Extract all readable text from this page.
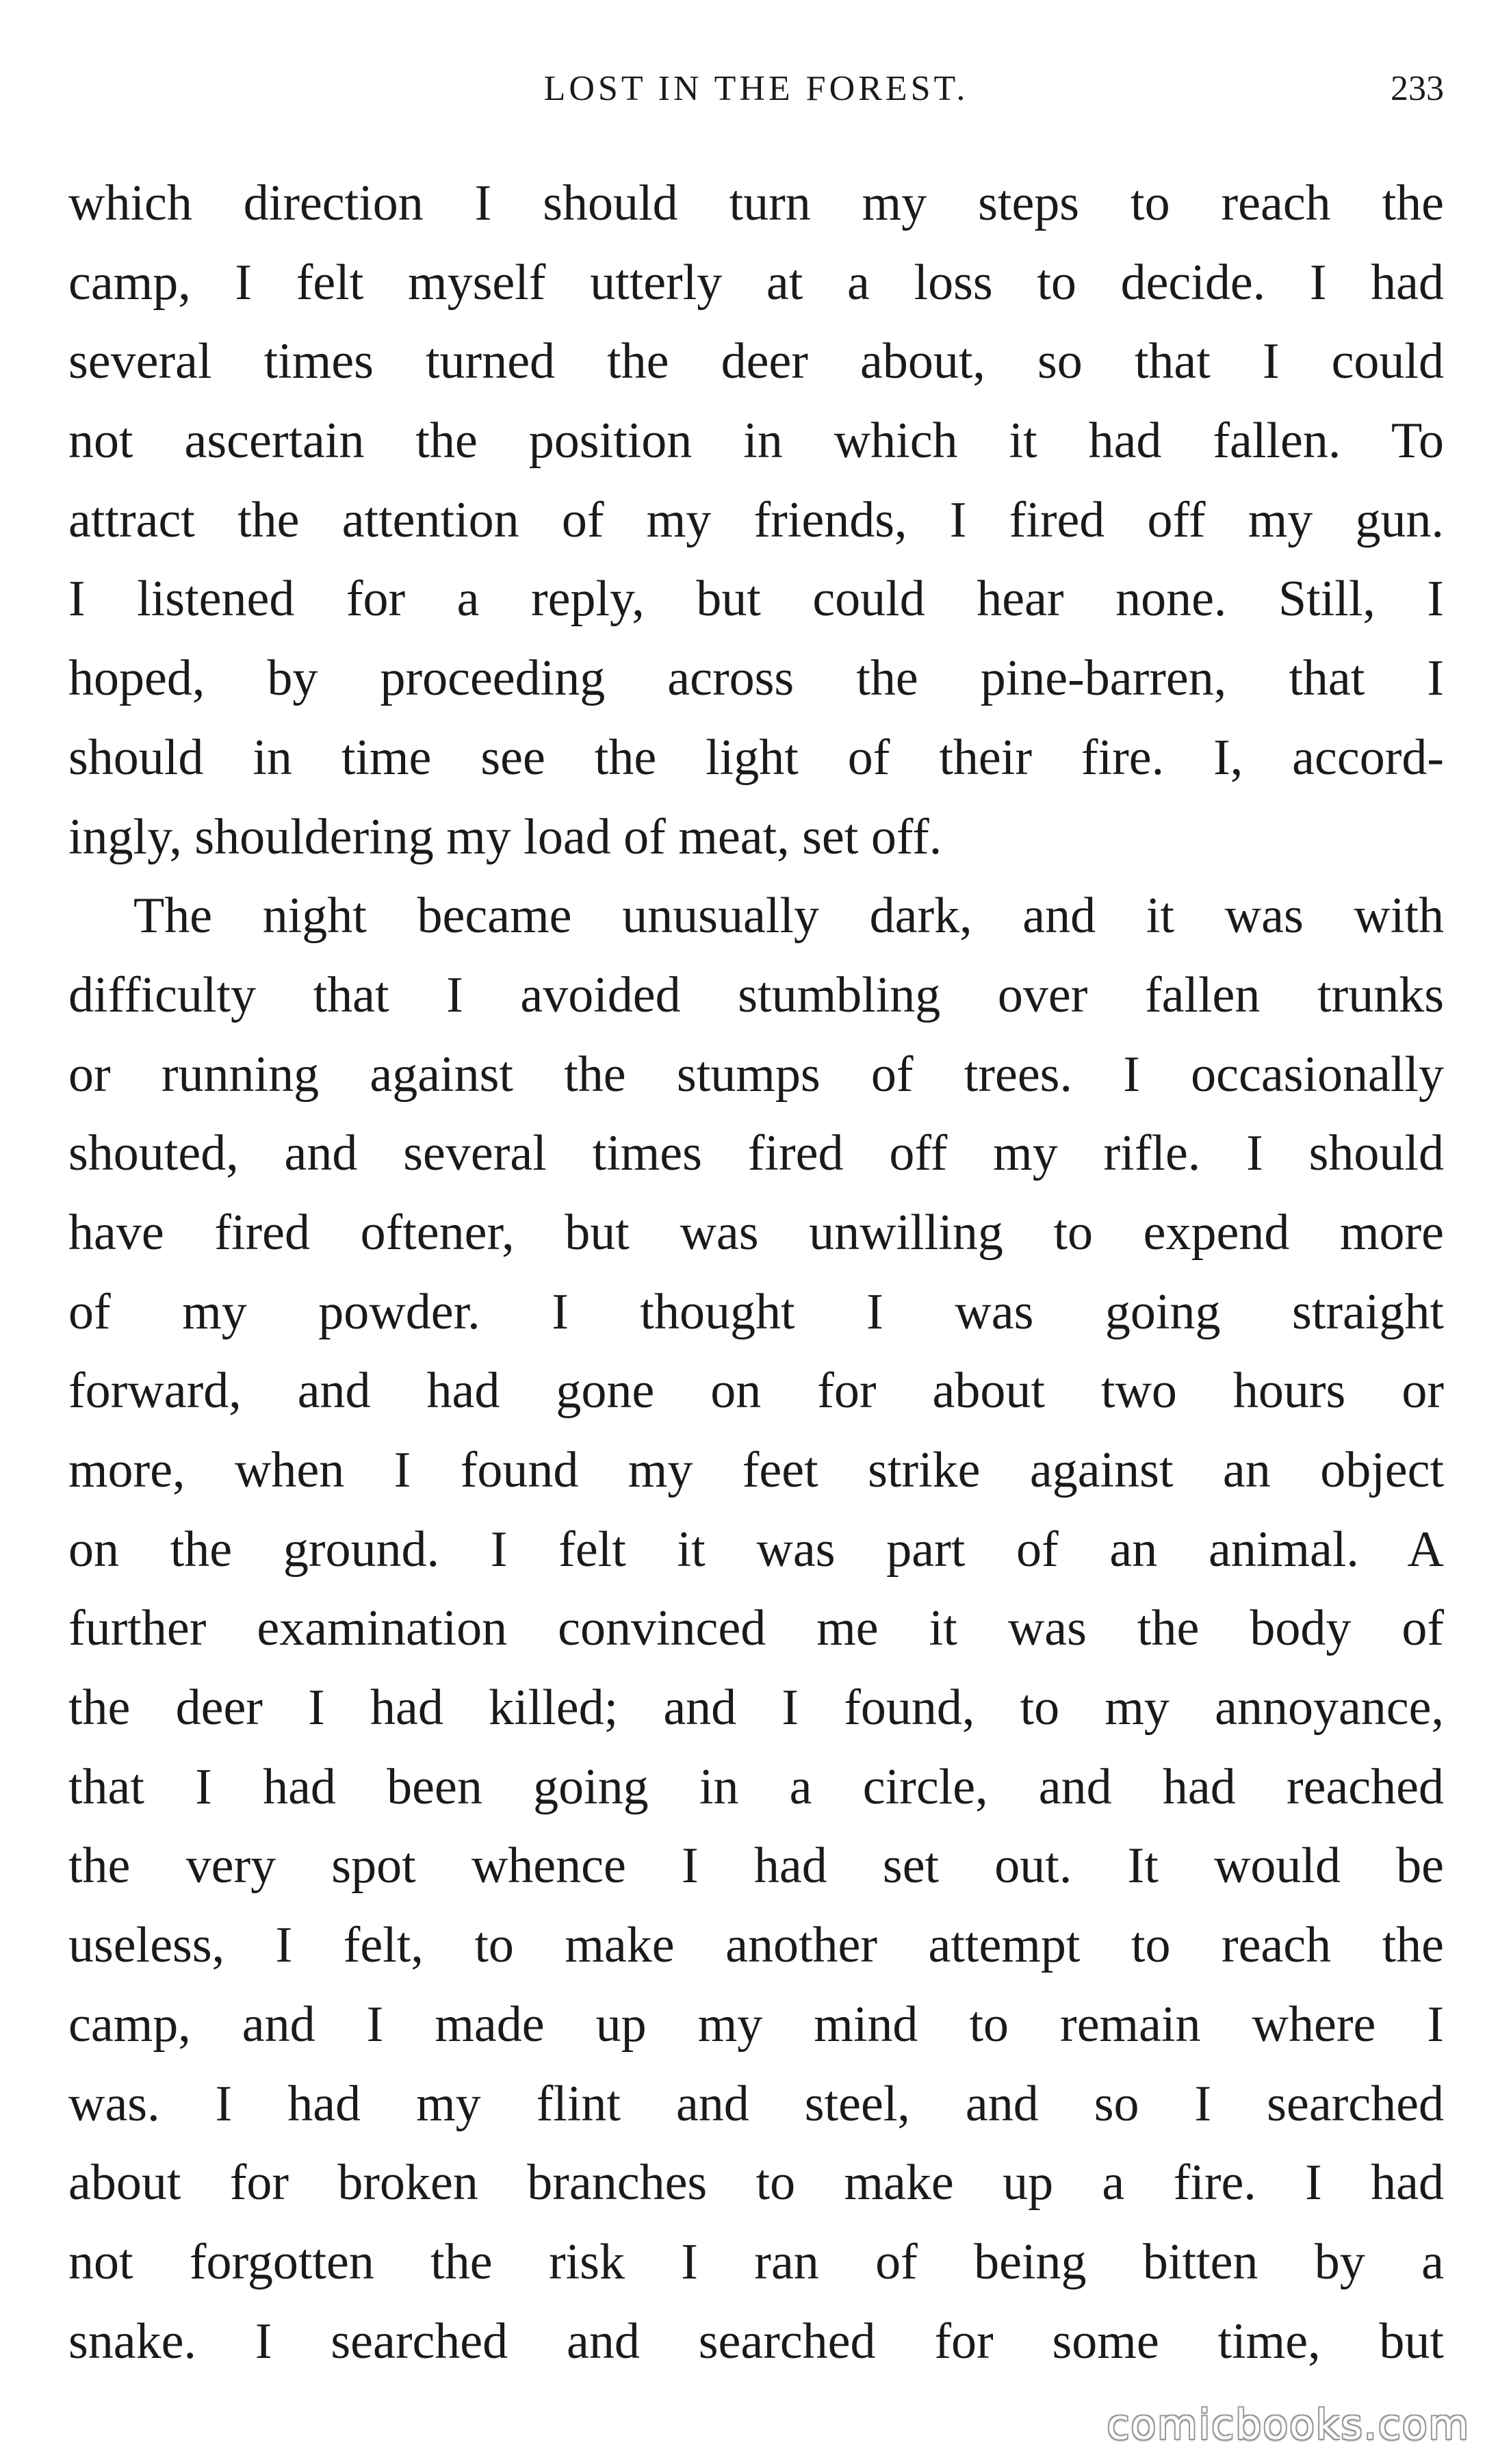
LOST IN THE FOREST.	233
which direction I should turn my steps to reach the
camp, I felt myself utterly at a loss to decide. I had
several times turned the deer about, so that I could
not ascertain the position in which it had fallen. To
attract the attention of my friends, I fired off my gun.
I listened for a reply, but could hear none. Still, I
hoped, by proceeding across the pine-barren, that I
should in time see the light of their fire. I, accord-
ingly, shouldering my load of meat, set off.
The night became unusually dark, and it was with
difficulty that I avoided stumbling over fallen trunks
or running against the stumps of trees. I occasionally
shouted, and several times fired off my rifle. I should
have fired oftener, but was unwilling to expend more
of my powder. I thought I was going straight
forward, and had gone on for about two hours or
more, when I found my feet strike against an object
on the ground. I felt it was part of an animal. A
further examination convinced me it was the body of
the deer I had killed; and I found, to my annoyance,
that I had been going in a circle, and had reached
the very spot whence I had set out. It would be
useless, I felt, to make another attempt to reach the
camp, and I made up my mind to remain where I
was. I had my flint and steel, and so I searched
about for broken branches to make up a fire. I had
not forgotten the risk I ran of being bitten by a
snake. I searched and searched for some time, but
comicbooks.com
